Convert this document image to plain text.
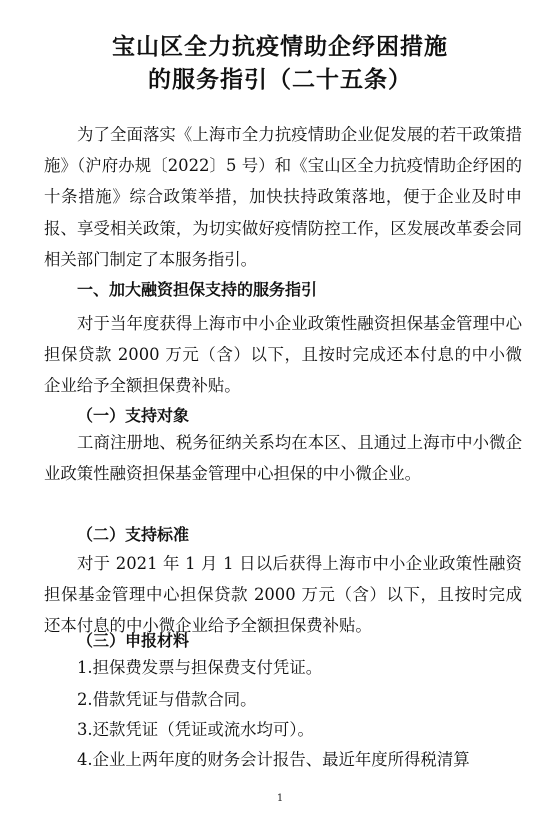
宝山区全力抗疫情助企纾困措施
的服务指引（二十五条）

为了全面落实《上海市全力抗疫情助企业促发展的若干政策措施》（沪府办规〔2022〕5 号）和《宝山区全力抗疫情助企纾困的十条措施》综合政策举措，加快扶持政策落地，便于企业及时申报、享受相关政策，为切实做好疫情防控工作，区发展改革委会同相关部门制定了本服务指引。

一、加大融资担保支持的服务指引

对于当年度获得上海市中小企业政策性融资担保基金管理中心担保贷款 2000 万元（含）以下，且按时完成还本付息的中小微企业给予全额担保费补贴。

（一）支持对象

工商注册地、税务征纳关系均在本区、且通过上海市中小微企业政策性融资担保基金管理中心担保的中小微企业。

（二）支持标准

对于 2021 年 1 月 1 日以后获得上海市中小企业政策性融资担保基金管理中心担保贷款 2000 万元（含）以下，且按时完成还本付息的中小微企业给予全额担保费补贴。

（三）申报材料
1.担保费发票与担保费支付凭证。
2.借款凭证与借款合同。
3.还款凭证（凭证或流水均可）。
4.企业上两年度的财务会计报告、最近年度所得税清算
1
